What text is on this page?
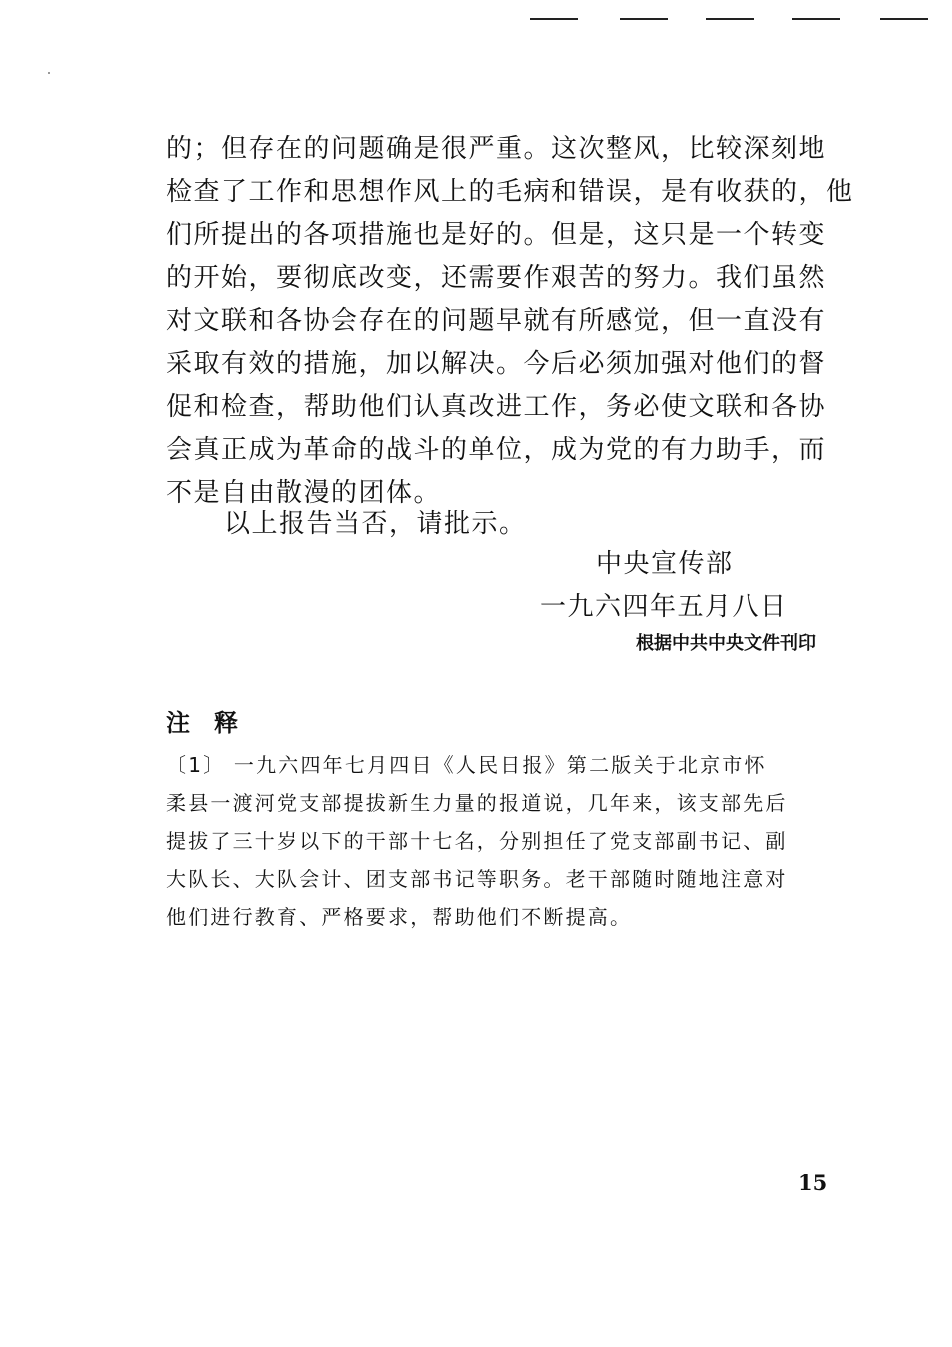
的；但存在的问题确是很严重。这次整风，比较深刻地
检查了工作和思想作风上的毛病和错误，是有收获的，他
们所提出的各项措施也是好的。但是，这只是一个转变
的开始，要彻底改变，还需要作艰苦的努力。我们虽然
对文联和各协会存在的问题早就有所感觉，但一直没有
采取有效的措施，加以解决。今后必须加强对他们的督
促和检查，帮助他们认真改进工作，务必使文联和各协
会真正成为革命的战斗的单位，成为党的有力助手，而
不是自由散漫的团体。
以上报告当否，请批示。
中央宣传部
一九六四年五月八日
根据中共中央文件刊印
注释
〔1〕 一九六四年七月四日《人民日报》第二版关于北京市怀
柔县一渡河党支部提拔新生力量的报道说，几年来，该支部先后
提拔了三十岁以下的干部十七名，分别担任了党支部副书记、副
大队长、大队会计、团支部书记等职务。老干部随时随地注意对
他们进行教育、严格要求，帮助他们不断提高。
15
